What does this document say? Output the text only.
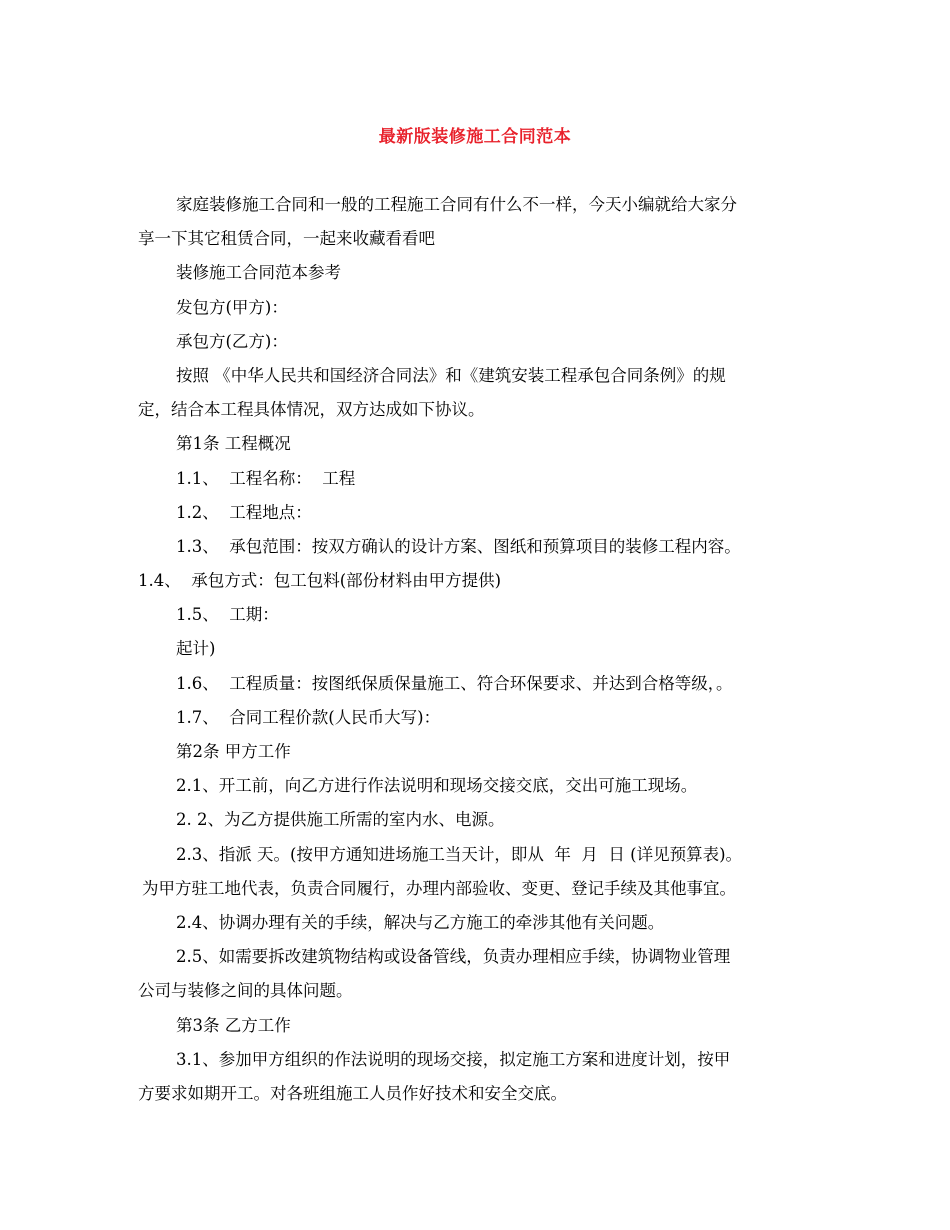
最新版装修施工合同范本

家庭装修施工合同和一般的工程施工合同有什么不一样，今天小编就给大家分

享一下其它租赁合同，一起来收藏看看吧

装修施工合同范本参考

发包方(甲方)：

承包方(乙方)：

按照 《中华人民共和国经济合同法》和《建筑安装工程承包合同条例》的规

定，结合本工程具体情况，双方达成如下协议。

第1条 工程概况

1.1、  工程名称：  工程

1.2、  工程地点：

1.3、  承包范围：按双方确认的设计方案、图纸和预算项目的装修工程内容。

1.4、  承包方式：包工包料(部份材料由甲方提供)

1.5、  工期：

起计)

1.6、  工程质量：按图纸保质保量施工、符合环保要求、并达到合格等级，。

1.7、  合同工程价款(人民币大写)：

第2条 甲方工作

2.1、开工前，向乙方进行作法说明和现场交接交底，交出可施工现场。

2. 2、为乙方提供施工所需的室内水、电源。

2.3、指派 天。(按甲方通知进场施工当天计，即从  年  月  日 (详见预算表)。

为甲方驻工地代表，负责合同履行，办理内部验收、变更、登记手续及其他事宜。

2.4、协调办理有关的手续，解决与乙方施工的牵涉其他有关问题。

2.5、如需要拆改建筑物结构或设备管线，负责办理相应手续，协调物业管理

公司与装修之间的具体问题。

第3条 乙方工作

3.1、参加甲方组织的作法说明的现场交接，拟定施工方案和进度计划，按甲

方要求如期开工。对各班组施工人员作好技术和安全交底。
